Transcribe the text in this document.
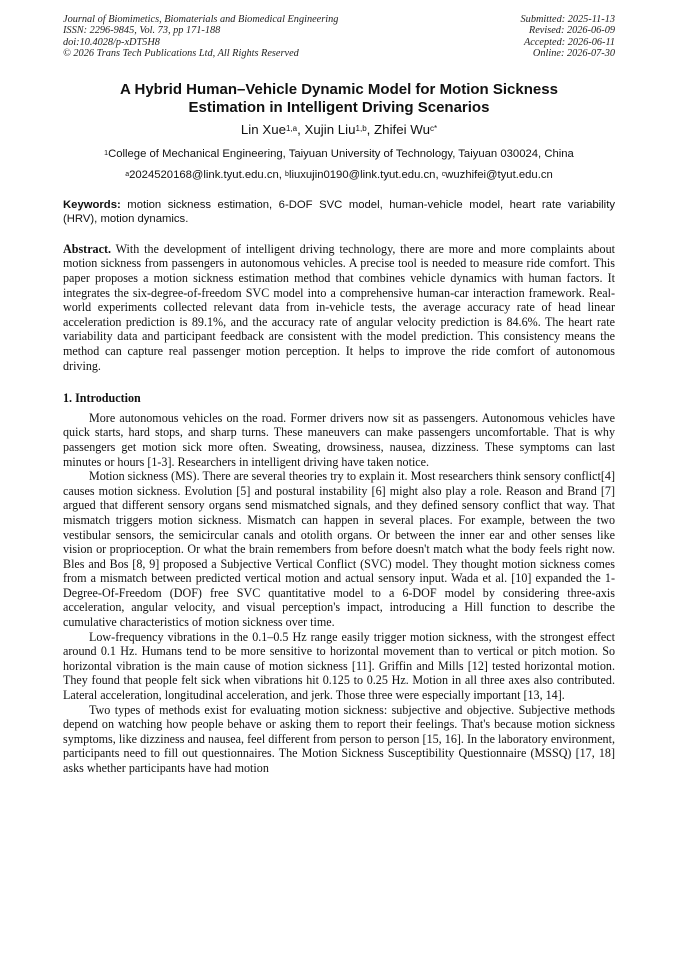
Journal of Biomimetics, Biomaterials and Biomedical Engineering
ISSN: 2296-9845, Vol. 73, pp 171-188
doi:10.4028/p-xDT5H8
© 2026 Trans Tech Publications Ltd, All Rights Reserved
Submitted: 2025-11-13
Revised: 2026-06-09
Accepted: 2026-06-11
Online: 2026-07-30
A Hybrid Human–Vehicle Dynamic Model for Motion Sickness
Estimation in Intelligent Driving Scenarios
Lin Xue$^{1,a}$, Xujin Liu$^{1,b}$, Zhifei $Wu^{c*}$
$^1$College of Mechanical Engineering, Taiyuan University of Technology, Taiyuan 030024, China
$^a$2024520168@link.tyut.edu.cn, $^b$liuxujin0190@link.tyut.edu.cn, $^c$wuzhifei@tyut.edu.cn
Keywords: motion sickness estimation, 6-DOF SVC model, human-vehicle model, heart rate variability (HRV), motion dynamics.
Abstract. With the development of intelligent driving technology, there are more and more complaints about motion sickness from passengers in autonomous vehicles. A precise tool is needed to measure ride comfort. This paper proposes a motion sickness estimation method that combines vehicle dynamics with human factors. It integrates the six-degree-of-freedom SVC model into a comprehensive human-car interaction framework. Real-world experiments collected relevant data from in-vehicle tests, the average accuracy rate of head linear acceleration prediction is 89.1%, and the accuracy rate of angular velocity prediction is 84.6%. The heart rate variability data and participant feedback are consistent with the model prediction. This consistency means the method can capture real passenger motion perception. It helps to improve the ride comfort of autonomous driving.
1. Introduction

More autonomous vehicles on the road. Former drivers now sit as passengers. Autonomous vehicles have quick starts, hard stops, and sharp turns. These maneuvers can make passengers uncomfortable. That is why passengers get motion sick more often. Sweating, drowsiness, nausea, dizziness. These symptoms can last minutes or hours [1-3]. Researchers in intelligent driving have taken notice.

Motion sickness (MS). There are several theories try to explain it. Most researchers think sensory conflict[4] causes motion sickness. Evolution [5] and postural instability [6] might also play a role. Reason and Brand [7] argued that different sensory organs send mismatched signals, and they defined sensory conflict that way. That mismatch triggers motion sickness. Mismatch can happen in several places. For example, between the two vestibular sensors, the semicircular canals and otolith organs. Or between the inner ear and other senses like vision or proprioception. Or what the brain remembers from before doesn't match what the body feels right now. Bles and Bos [8, 9] proposed a Subjective Vertical Conflict (SVC) model. They thought motion sickness comes from a mismatch between predicted vertical motion and actual sensory input. Wada et al. [10] expanded the 1-Degree-Of-Freedom (DOF) free SVC quantitative model to a 6-DOF model by considering three-axis acceleration, angular velocity, and visual perception's impact, introducing a Hill function to describe the cumulative characteristics of motion sickness over time.

Low-frequency vibrations in the 0.1–0.5 Hz range easily trigger motion sickness, with the strongest effect around 0.1 Hz. Humans tend to be more sensitive to horizontal movement than to vertical or pitch motion. So horizontal vibration is the main cause of motion sickness [11]. Griffin and Mills [12] tested horizontal motion. They found that people felt sick when vibrations hit 0.125 to 0.25 Hz. Motion in all three axes also contributed. Lateral acceleration, longitudinal acceleration, and jerk. Those three were especially important [13, 14].

Two types of methods exist for evaluating motion sickness: subjective and objective. Subjective methods depend on watching how people behave or asking them to report their feelings. That's because motion sickness symptoms, like dizziness and nausea, feel different from person to person [15, 16]. In the laboratory environment, participants need to fill out questionnaires. The Motion Sickness Susceptibility Questionnaire (MSSQ) [17, 18] asks whether participants have had motion
